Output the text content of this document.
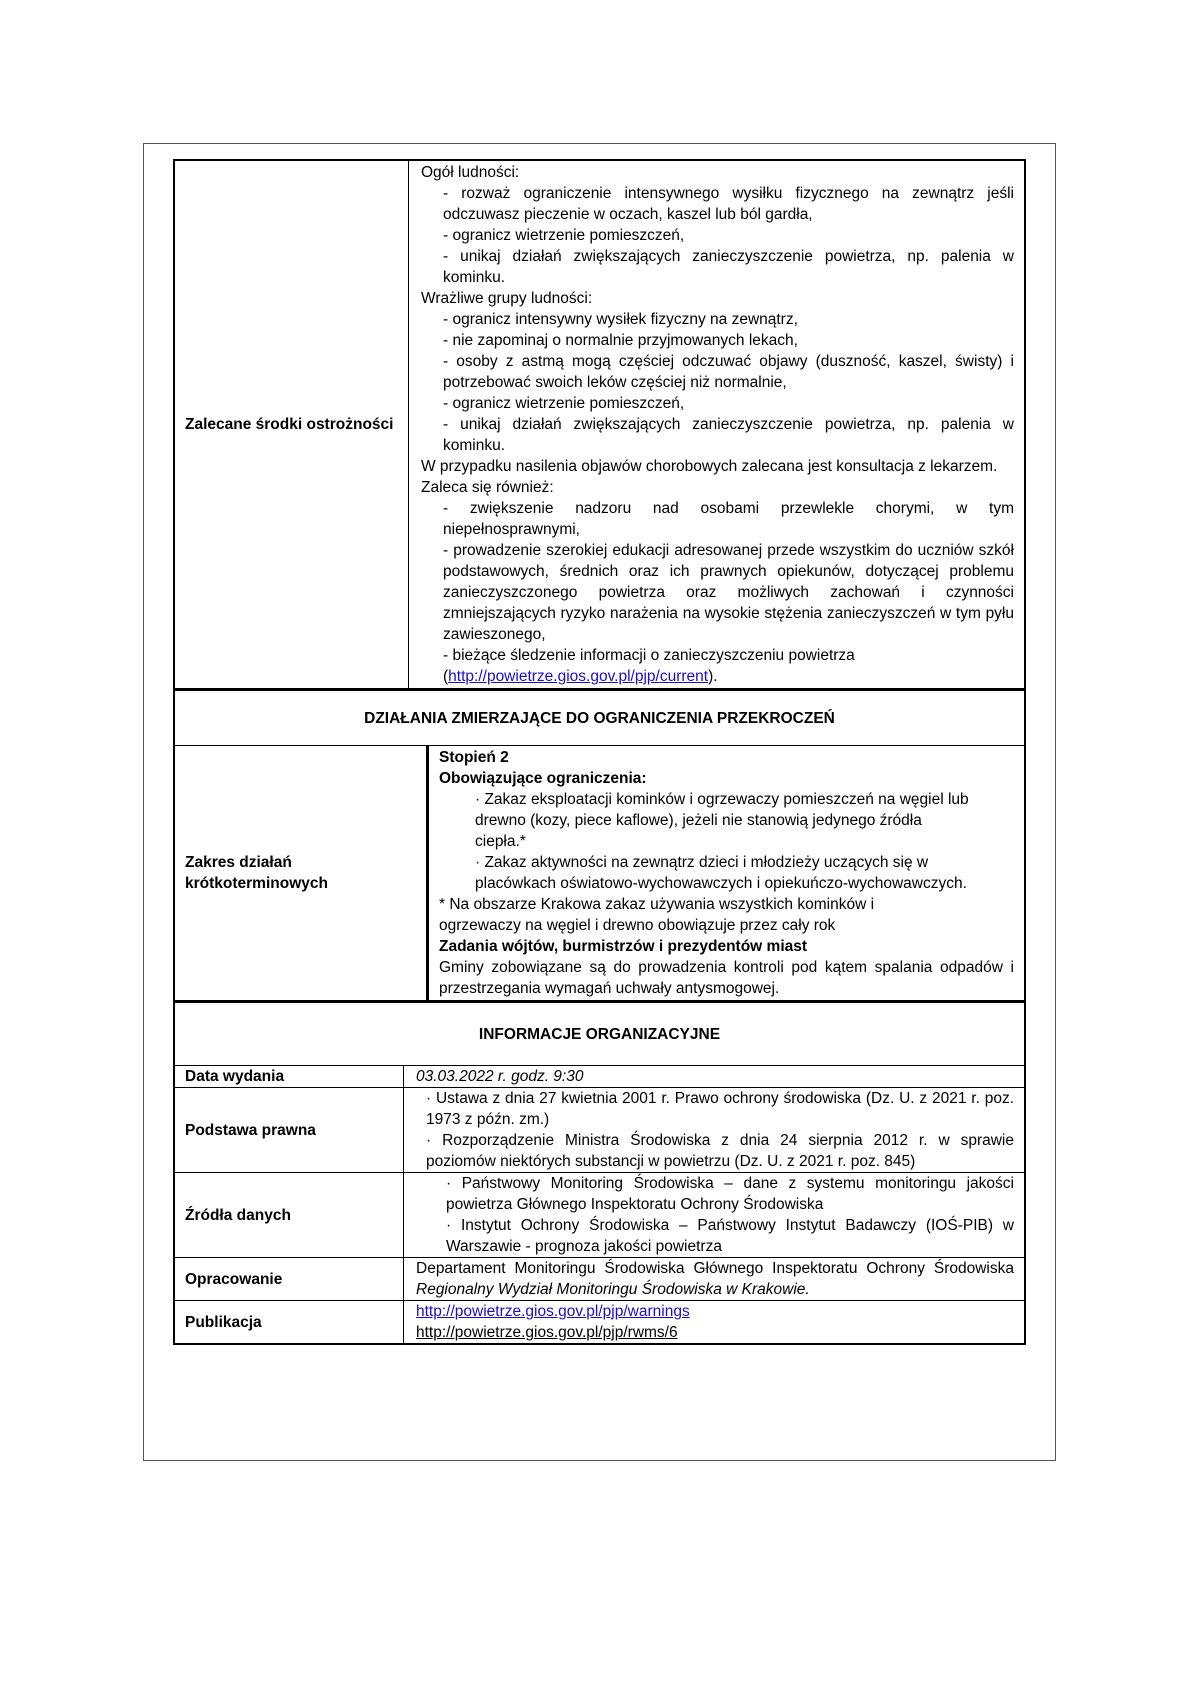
Zalecane środki ostrożności
Ogół ludności:
- rozważ ograniczenie intensywnego wysiłku fizycznego na zewnątrz jeśli odczuwasz pieczenie w oczach, kaszel lub ból gardła,
- ogranicz wietrzenie pomieszczeń,
- unikaj działań zwiększających zanieczyszczenie powietrza, np. palenia w kominku.
Wrażliwe grupy ludności:
- ogranicz intensywny wysiłek fizyczny na zewnątrz,
- nie zapominaj o normalnie przyjmowanych lekach,
- osoby z astmą mogą częściej odczuwać objawy (duszność, kaszel, świsty) i potrzebować swoich leków częściej niż normalnie,
- ogranicz wietrzenie pomieszczeń,
- unikaj działań zwiększających zanieczyszczenie powietrza, np. palenia w kominku.
W przypadku nasilenia objawów chorobowych zalecana jest konsultacja z lekarzem.
Zaleca się również:
- zwiększenie nadzoru nad osobami przewlekle chorymi, w tym niepełnosprawnymi,
- prowadzenie szerokiej edukacji adresowanej przede wszystkim do uczniów szkół podstawowych, średnich oraz ich prawnych opiekunów, dotyczącej problemu zanieczyszczonego powietrza oraz możliwych zachowań i czynności zmniejszających ryzyko narażenia na wysokie stężenia zanieczyszczeń w tym pyłu zawieszonego,
- bieżące śledzenie informacji o zanieczyszczeniu powietrza
(http://powietrze.gios.gov.pl/pjp/current).
DZIAŁANIA ZMIERZAJĄCE DO OGRANICZENIA PRZEKROCZEŃ
Zakres działań krótkoterminowych
Stopień 2
Obowiązujące ograniczenia:
· Zakaz eksploatacji kominków i ogrzewaczy pomieszczeń na węgiel lub drewno (kozy, piece kaflowe), jeżeli nie stanowią jedynego źródła ciepła.*
· Zakaz aktywności na zewnątrz dzieci i młodzieży uczących się w placówkach oświatowo-wychowawczych i opiekuńczo-wychowawczych.
* Na obszarze Krakowa zakaz używania wszystkich kominków i ogrzewaczy na węgiel i drewno obowiązuje przez cały rok
Zadania wójtów, burmistrzów i prezydentów miast
Gminy zobowiązane są do prowadzenia kontroli pod kątem spalania odpadów i przestrzegania wymagań uchwały antysmogowej.
INFORMACJE ORGANIZACYJNE
Data wydania	03.03.2022 r. godz. 9:30
Podstawa prawna
· Ustawa z dnia 27 kwietnia 2001 r. Prawo ochrony środowiska (Dz. U. z 2021 r. poz. 1973 z późn. zm.)
· Rozporządzenie Ministra Środowiska z dnia 24 sierpnia 2012 r. w sprawie poziomów niektórych substancji w powietrzu (Dz. U. z 2021 r. poz. 845)
Źródła danych
· Państwowy Monitoring Środowiska – dane z systemu monitoringu jakości powietrza Głównego Inspektoratu Ochrony Środowiska
· Instytut Ochrony Środowiska – Państwowy Instytut Badawczy (IOŚ-PIB) w Warszawie - prognoza jakości powietrza
Opracowanie
Departament Monitoringu Środowiska Głównego Inspektoratu Ochrony Środowiska Regionalny Wydział Monitoringu Środowiska w Krakowie.
Publikacja
http://powietrze.gios.gov.pl/pjp/warnings
http://powietrze.gios.gov.pl/pjp/rwms/6
